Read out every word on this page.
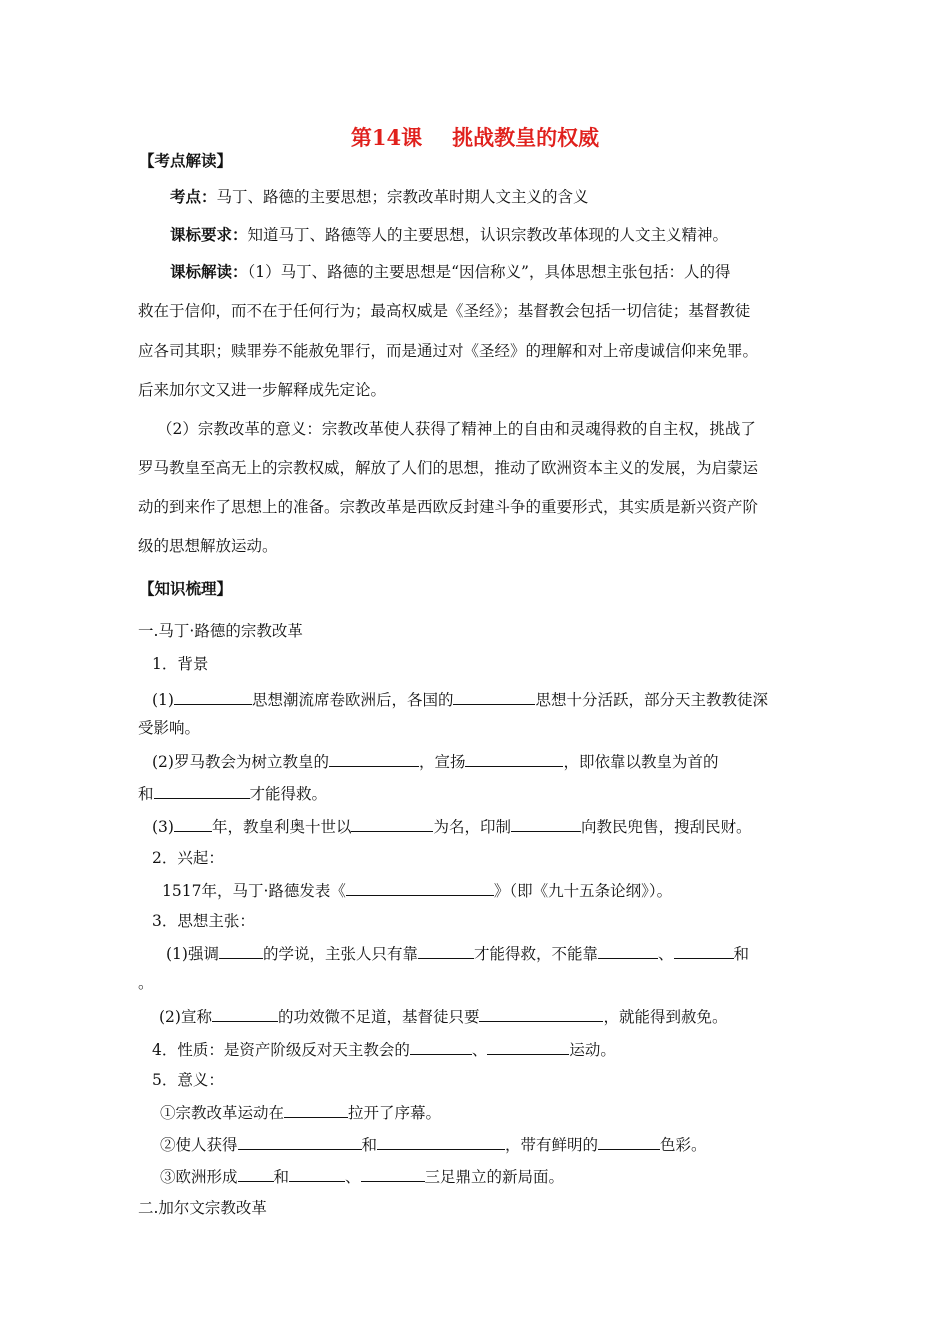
第14课 挑战教皇的权威
【考点解读】
考点：马丁、路德的主要思想；宗教改革时期人文主义的含义
课标要求：知道马丁、路德等人的主要思想，认识宗教改革体现的人文主义精神。
课标解读：（1）马丁、路德的主要思想是“因信称义”，具体思想主张包括：人的得
救在于信仰，而不在于任何行为；最高权威是《圣经》；基督教会包括一切信徒；基督教徒
应各司其职；赎罪券不能赦免罪行，而是通过对《圣经》的理解和对上帝虔诚信仰来免罪。
后来加尔文又进一步解释成先定论。
（2）宗教改革的意义：宗教改革使人获得了精神上的自由和灵魂得救的自主权，挑战了
罗马教皇至高无上的宗教权威，解放了人们的思想，推动了欧洲资本主义的发展，为启蒙运
动的到来作了思想上的准备。宗教改革是西欧反封建斗争的重要形式，其实质是新兴资产阶
级的思想解放运动。
【知识梳理】
一.马丁·路德的宗教改革
1．背景
(1)	思想潮流席卷欧洲后，各国的	思想十分活跃，部分天主教教徒深
受影响。
(2)罗马教会为树立教皇的	，宣扬	，即依靠以教皇为首的
和	才能得救。
(3) 年，教皇利奥十世以	为名，印制	向教民兜售，搜刮民财。
2．兴起：
1517年，马丁·路德发表《	》（即《九十五条论纲》）。
3．思想主张：
(1)强调	的学说，主张人只有靠	才能得救，不能靠	、	和
。
(2)宣称	的功效微不足道，基督徒只要	，就能得到赦免。
4．性质：是资产阶级反对天主教会的	、	运动。
5．意义：
①宗教改革运动在	拉开了序幕。
②使人获得	和	，带有鲜明的	色彩。
③欧洲形成 和	、	三足鼎立的新局面。
二.加尔文宗教改革
